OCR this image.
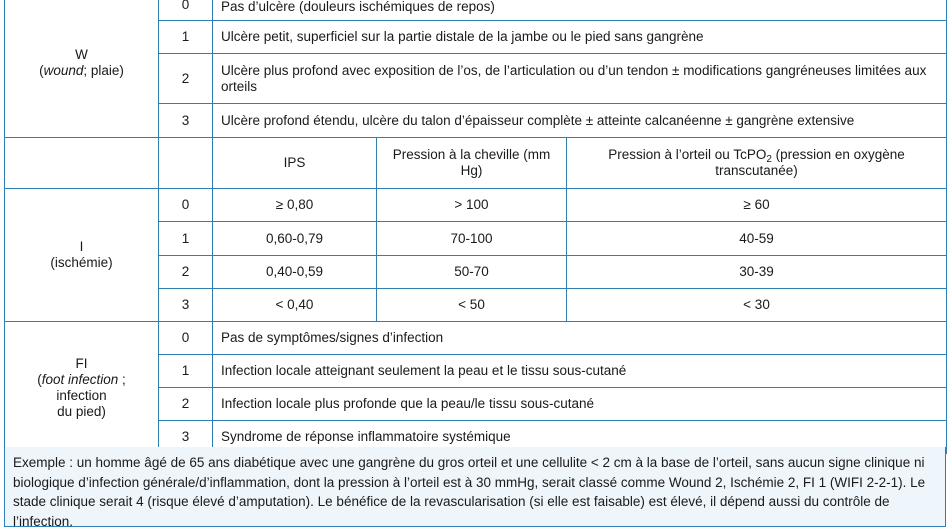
W
(wound; plaie)	0	Pas d’ulcère (douleurs ischémiques de repos)		
	1	Ulcère petit, superficiel sur la partie distale de la jambe ou le pied sans gangrène		
	2	Ulcère plus profond avec exposition de l’os, de l’articulation ou d’un tendon ± modifications gangréneuses limitées aux orteils		
	3	Ulcère profond étendu, ulcère du talon d’épaisseur complète ± atteinte calcanéenne ± gangrène extensive		
		IPS	Pression à la cheville (mm Hg)	Pression à l’orteil ou TcPO$_2$ (pression en oxygène transcutanée)

I
(ischémie)	0	≥ 0,80	> 100	≥ 60
	1	0,60-0,79	70-100	40-59
	2	0,40-0,59	50-70	30-39
	3	< 0,40	< 50	< 30

FI
(foot infection ;
infection
du pied)	0	Pas de symptômes/signes d’infection		
	1	Infection locale atteignant seulement la peau et le tissu sous-cutané		
	2	Infection locale plus profonde que la peau/le tissu sous-cutané		
	3	Syndrome de réponse inflammatoire systémique		
Exemple : un homme âgé de 65 ans diabétique avec une gangrène du gros orteil et une cellulite < 2 cm à la base de l’orteil, sans aucun signe clinique ni biologique d’infection générale/d’inflammation, dont la pression à l’orteil est à 30 mmHg, serait classé comme Wound 2, Ischémie 2, FI 1 (WIFI 2-2-1). Le stade clinique serait 4 (risque élevé d’amputation). Le bénéfice de la revascularisation (si elle est faisable) est élevé, il dépend aussi du contrôle de l’infection.
